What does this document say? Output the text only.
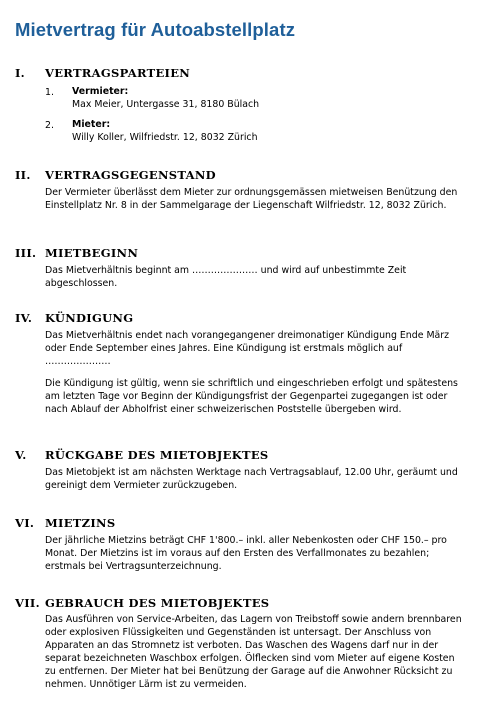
Mietvertrag für Autoabstellplatz
I. VERTRAGSPARTEIEN
1. Vermieter:
Max Meier, Untergasse 31, 8180 Bülach
2. Mieter:
Willy Koller, Wilfriedstr. 12, 8032 Zürich
II. VERTRAGSGEGENSTAND

Der Vermieter überlässt dem Mieter zur ordnungsgemässen mietweisen Benützung den Einstellplatz Nr. 8 in der Sammelgarage der Liegenschaft Wilfriedstr. 12, 8032 Zürich.

III. MIETBEGINN

Das Mietverhältnis beginnt am ………………… und wird auf unbestimmte Zeit abgeschlossen.

IV. KÜNDIGUNG

Das Mietverhältnis endet nach vorangegangener dreimonatiger Kündigung Ende März oder Ende September eines Jahres. Eine Kündigung ist erstmals möglich auf …………………

Die Kündigung ist gültig, wenn sie schriftlich und eingeschrieben erfolgt und spätestens am letzten Tage vor Beginn der Kündigungsfrist der Gegenpartei zugegangen ist oder nach Ablauf der Abholfrist einer schweizerischen Poststelle übergeben wird.

V. RÜCKGABE DES MIETOBJEKTES

Das Mietobjekt ist am nächsten Werktage nach Vertragsablauf, 12.00 Uhr, geräumt und gereinigt dem Vermieter zurückzugeben.

VI. MIETZINS

Der jährliche Mietzins beträgt CHF 1'800.– inkl. aller Nebenkosten oder CHF 150.– pro Monat. Der Mietzins ist im voraus auf den Ersten des Verfallmonates zu bezahlen; erstmals bei Vertragsunterzeichnung.

VII. GEBRAUCH DES MIETOBJEKTES

Das Ausführen von Service-Arbeiten, das Lagern von Treibstoff sowie andern brennbaren oder explosiven Flüssigkeiten und Gegenständen ist untersagt. Der Anschluss von Apparaten an das Stromnetz ist verboten. Das Waschen des Wagens darf nur in der separat bezeichneten Waschbox erfolgen. Ölflecken sind vom Mieter auf eigene Kosten zu entfernen. Der Mieter hat bei Benützung der Garage auf die Anwohner Rücksicht zu nehmen. Unnötiger Lärm ist zu vermeiden.
